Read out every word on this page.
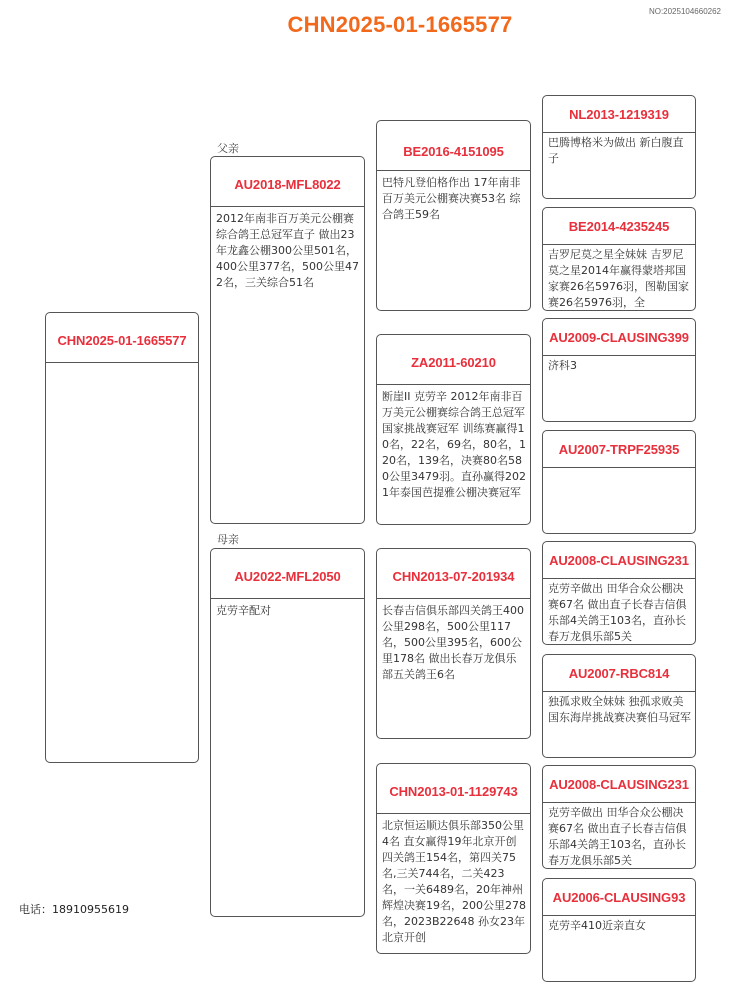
CHN2025-01-1665577
NO:2025104660262
CHN2025-01-1665577
父亲
AU2018-MFL8022
2012年南非百万美元公棚赛综合鸽王总冠军直子 做出23年龙鑫公棚300公里501名，400公里377名，500公里472名，三关综合51名
母亲
AU2022-MFL2050
克劳辛配对
BE2016-4151095
巴特凡登伯格作出 17年南非百万美元公棚赛决赛53名 综合鸽王59名
ZA2011-60210
断崖II 克劳辛 2012年南非百万美元公棚赛综合鸽王总冠军 国家挑战赛冠军 训练赛赢得10名，22名，69名，80名，120名，139名，决赛80名580公里3479羽。直孙赢得2021年泰国芭提雅公棚决赛冠军
CHN2013-07-201934
长春吉信俱乐部四关鸽王400公里298名，500公里117名，500公里395名，600公里178名 做出长春万龙俱乐部五关鸽王6名
CHN2013-01-1129743
北京恒运顺达俱乐部350公里4名 直女赢得19年北京开创四关鸽王154名，第四关75名,三关744名，二关423名，一关6489名，20年神州辉煌决赛19名，200公里278名，2023B22648 孙女23年北京开创
NL2013-1219319
巴腾博格米为做出 新白腹直子
BE2014-4235245
吉罗尼莫之星全妹妹 吉罗尼莫之星2014年赢得蒙塔邦国家赛26名5976羽，图勒国家赛26名5976羽，全
AU2009-CLAUSING399
济科3
AU2007-TRPF25935
AU2008-CLAUSING231
克劳辛做出 田华合众公棚决赛67名 做出直子长春吉信俱乐部4关鸽王103名，直孙长春万龙俱乐部5关
AU2007-RBC814
独孤求败全妹妹 独孤求败美国东海岸挑战赛决赛伯马冠军
AU2008-CLAUSING231
克劳辛做出 田华合众公棚决赛67名 做出直子长春吉信俱乐部4关鸽王103名，直孙长春万龙俱乐部5关
AU2006-CLAUSING93
克劳辛410近亲直女
电话：18910955619
